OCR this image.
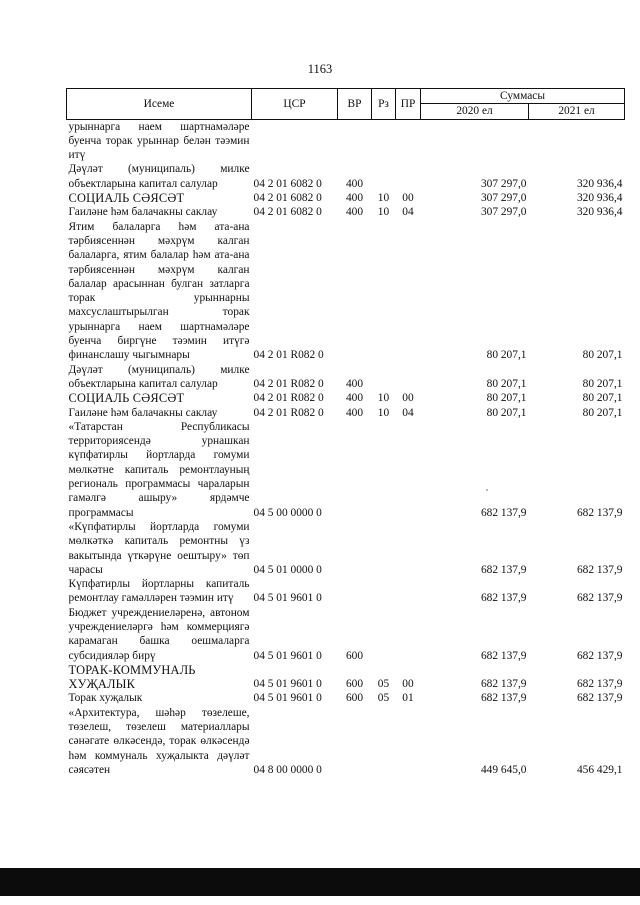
1163
Исеме	ЦСР	ВР	Рз	ПР	Суммасы	
					2020 ел	2021 ел
урыннарга наем шартнамәләре буенча торак урыннар белән тәэмин итү						
Дәүләт (муниципаль) милке объектларына капитал салулар	04 2 01 6082 0	400			307 297,0	320 936,4
СОЦИАЛЬ СӘЯСӘТ	04 2 01 6082 0	400	10	00	307 297,0	320 936,4
Гаиләне һәм балачакны саклау	04 2 01 6082 0	400	10	04	307 297,0	320 936,4
Ятим балаларга һәм ата-ана тәрбиясеннән мәхрүм калган балаларга, ятим балалар һәм ата-ана тәрбиясеннән мәхрүм калган балалар арасыннан булган затларга торак урыннарны махсуслаштырылган торак урыннарга наем шартнамәләре буенча биргүне тәэмин итүгә финанслашу чыгымнары	04 2 01 R082 0				80 207,1	80 207,1
Дәүләт (муниципаль) милке объектларына капитал салулар	04 2 01 R082 0	400			80 207,1	80 207,1
СОЦИАЛЬ СӘЯСӘТ	04 2 01 R082 0	400	10	00	80 207,1	80 207,1
Гаиләне һәм балачакны саклау	04 2 01 R082 0	400	10	04	80 207,1	80 207,1
«Татарстан Республикасы территориясендә урнашкан күпфатирлы йортларда гомуми мөлкәтне капиталь ремонтлауның региональ программасы чараларын гамәлгә ашыру» ярдәмче программасы	04 5 00 0000 0				682 137,9	682 137,9
«Күпфатирлы йортларда гомуми мөлкәткә капиталь ремонтны үз вакытында үткәрүне оештыру» төп чарасы	04 5 01 0000 0				682 137,9	682 137,9
Күпфатирлы йортларны капиталь ремонтлау гамәлләрен тәэмин итү	04 5 01 9601 0				682 137,9	682 137,9
Бюджет учреждениеләренә, автоном учреждениеләргә һәм коммерциягә карамаган башка оешмаларга субсидияләр бирү	04 5 01 9601 0	600			682 137,9	682 137,9
ТОРАК-КОММУНАЛЬ ХУҖАЛЫК	04 5 01 9601 0	600	05	00	682 137,9	682 137,9
Торак хуҗалык	04 5 01 9601 0	600	05	01	682 137,9	682 137,9
«Архитектура, шәһәр төзелеше, төзелеш, төзелеш материаллары сәнәгате өлкәсендә, торак өлкәсендә һәм коммуналь хуҗалыкта дәүләт сәясәтен	04 8 00 0000 0				449 645,0	456 429,1
